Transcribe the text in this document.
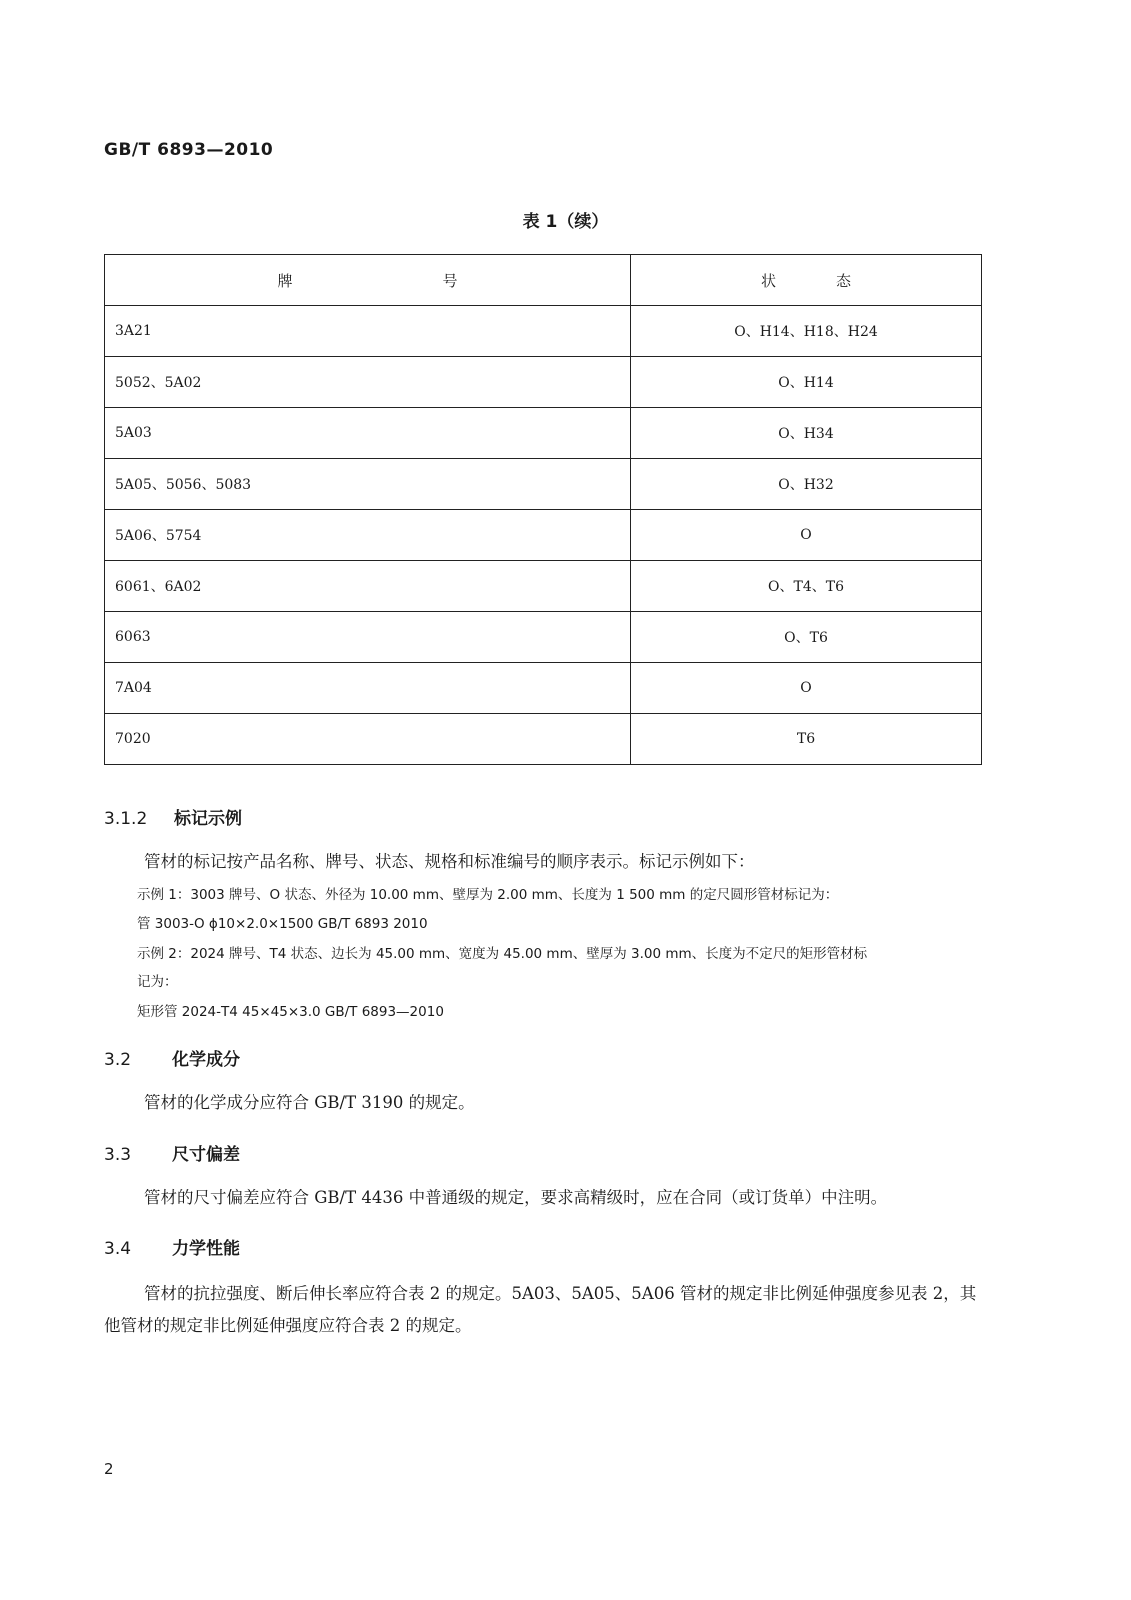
GB/T 6893—2010
表 1（续）
牌 号	状 态
3A21	O、H14、H18、H24
5052、5A02	O、H14
5A03	O、H34
5A05、5056、5083	O、H32
5A06、5754	O
6061、6A02	O、T4、T6
6063	O、T6
7A04	O
7020	T6
3.1.2 标记示例
管材的标记按产品名称、牌号、状态、规格和标准编号的顺序表示。标记示例如下：
示例 1：3003 牌号、O 状态、外径为 10.00 mm、壁厚为 2.00 mm、长度为 1 500 mm 的定尺圆形管材标记为：
管 3003-O ϕ10×2.0×1500 GB/T 6893 2010
示例 2：2024 牌号、T4 状态、边长为 45.00 mm、宽度为 45.00 mm、壁厚为 3.00 mm、长度为不定尺的矩形管材标
记为：
矩形管 2024-T4 45×45×3.0 GB/T 6893—2010
3.2 化学成分
管材的化学成分应符合 GB/T 3190 的规定。
3.3 尺寸偏差
管材的尺寸偏差应符合 GB/T 4436 中普通级的规定，要求高精级时，应在合同（或订货单）中注明。
3.4 力学性能
管材的抗拉强度、断后伸长率应符合表 2 的规定。5A03、5A05、5A06 管材的规定非比例延伸强度参见表 2，其他管材的规定非比例延伸强度应符合表 2 的规定。
2
